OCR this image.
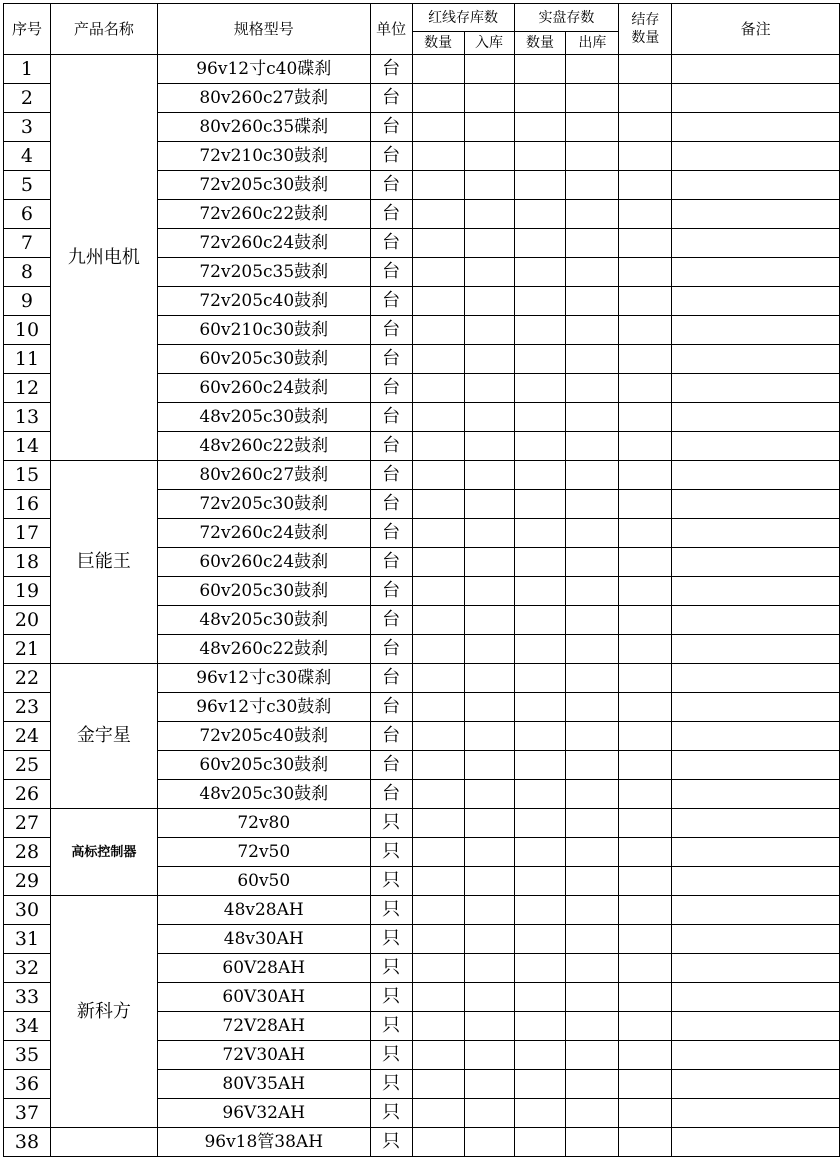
序号	产品名称	规格型号	单位	红线存库数		实盘存数		结存数量	备注
				数量	入库	数量	出库		
1	九州电机	96v12寸c40碟刹	台						
2		80v260c27鼓刹	台						
3		80v260c35碟刹	台						
4		72v210c30鼓刹	台						
5		72v205c30鼓刹	台						
6		72v260c22鼓刹	台						
7		72v260c24鼓刹	台						
8		72v205c35鼓刹	台						
9		72v205c40鼓刹	台						
10		60v210c30鼓刹	台						
11		60v205c30鼓刹	台						
12		60v260c24鼓刹	台						
13		48v205c30鼓刹	台						
14		48v260c22鼓刹	台						
15	巨能王	80v260c27鼓刹	台						
16		72v205c30鼓刹	台						
17		72v260c24鼓刹	台						
18		60v260c24鼓刹	台						
19		60v205c30鼓刹	台						
20		48v205c30鼓刹	台						
21		48v260c22鼓刹	台						
22	金宇星	96v12寸c30碟刹	台						
23		96v12寸c30鼓刹	台						
24		72v205c40鼓刹	台						
25		60v205c30鼓刹	台						
26		48v205c30鼓刹	台						
27	高标控制器	72v80	只						
28		72v50	只						
29		60v50	只						
30	新科方	48v28AH	只						
31		48v30AH	只						
32		60V28AH	只						
33		60V30AH	只						
34		72V28AH	只						
35		72V30AH	只						
36		80V35AH	只						
37		96V32AH	只						
38		96v18管38AH	只						
